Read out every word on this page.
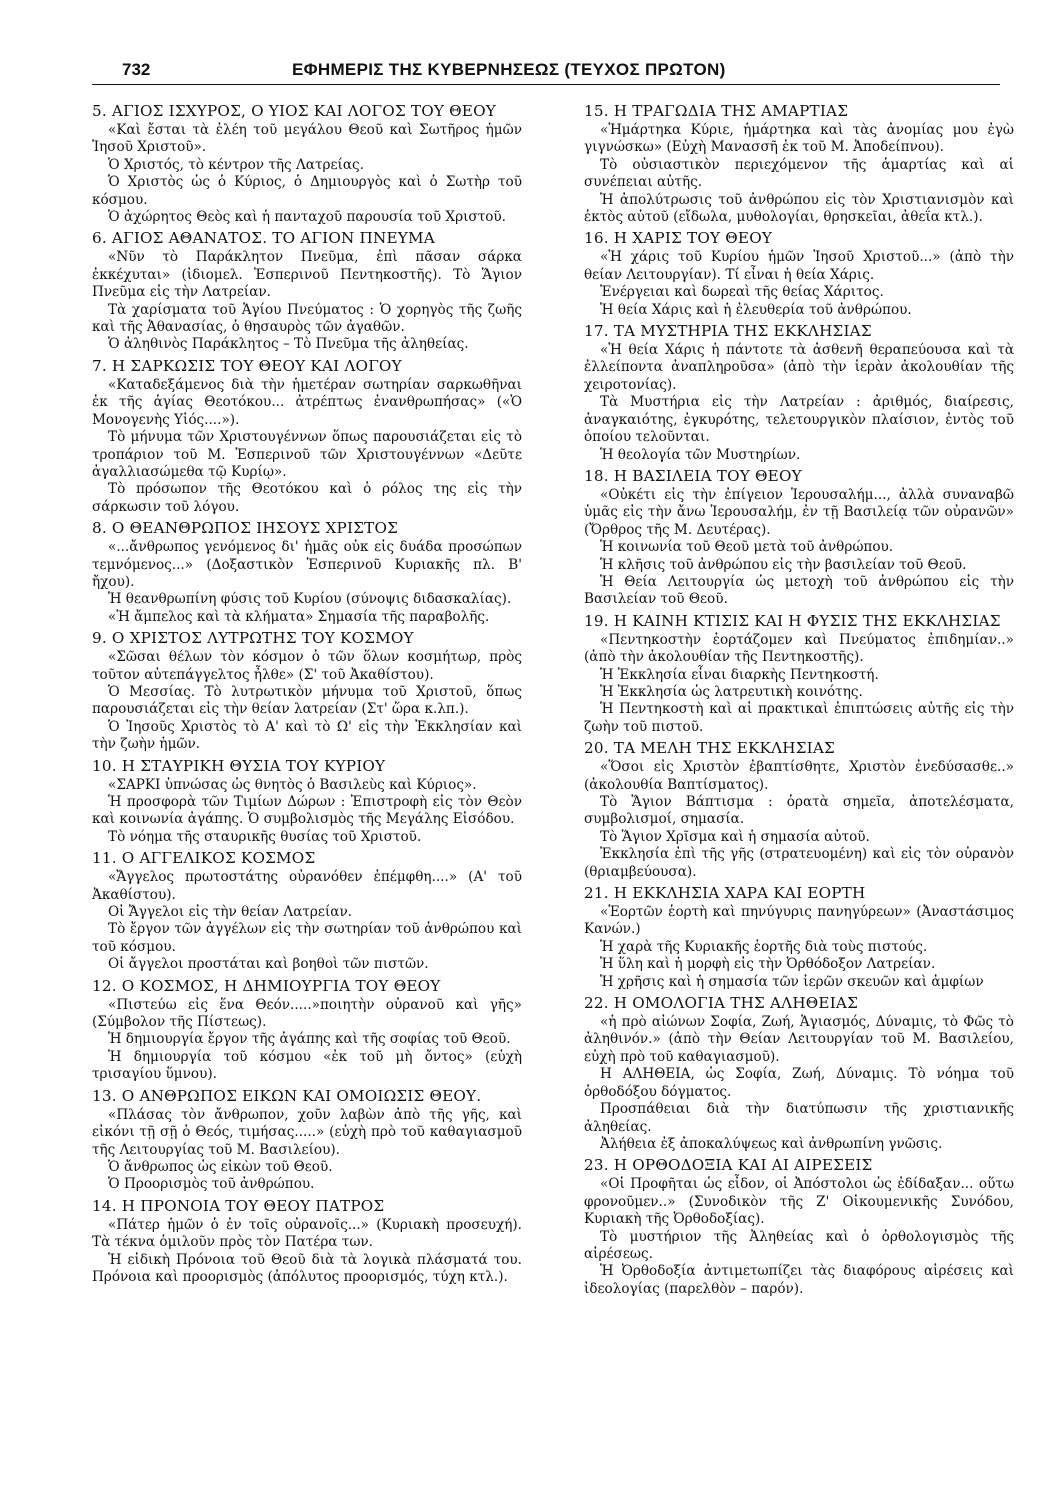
732	ΕΦΗΜΕΡΙΣ ΤΗΣ ΚΥΒΕΡΝΗΣΕΩΣ (ΤΕΥΧΟΣ ΠΡΩΤΟΝ)
5. ΑΓΙΟΣ ΙΣΧΥΡΟΣ, Ο ΥΙΟΣ ΚΑΙ ΛΟΓΟΣ ΤΟΥ ΘΕΟΥ

«Καὶ ἔσται τὰ ἐλέη τοῦ μεγάλου Θεοῦ καὶ Σωτῆρος ἡμῶν Ἰησοῦ Χριστοῦ».

Ὁ Χριστός, τὸ κέντρον τῆς Λατρείας.

Ὁ Χριστὸς ὡς ὁ Κύριος, ὁ Δημιουργὸς καὶ ὁ Σωτὴρ τοῦ κόσμου.

Ὁ ἀχώρητος Θεὸς καὶ ἡ πανταχοῦ παρουσία τοῦ Χριστοῦ.

6. ΑΓΙΟΣ ΑΘΑΝΑΤΟΣ. ΤΟ ΑΓΙΟΝ ΠΝΕΥΜΑ

«Νῦν τὸ Παράκλητον Πνεῦμα, ἐπὶ πᾶσαν σάρκα ἐκκέχυται» (ἰδιομελ. Ἑσπερινοῦ Πεντηκοστῆς). Τὸ Ἅγιον Πνεῦμα εἰς τὴν Λατρείαν.

Τὰ χαρίσματα τοῦ Ἁγίου Πνεύματος : Ὁ χορηγὸς τῆς ζωῆς καὶ τῆς Ἀθανασίας, ὁ θησαυρὸς τῶν ἀγαθῶν.

Ὁ ἀληθινὸς Παράκλητος – Τὸ Πνεῦμα τῆς ἀληθείας.

7. Η ΣΑΡΚΩΣΙΣ ΤΟΥ ΘΕΟΥ ΚΑΙ ΛΟΓΟΥ

«Καταδεξάμενος διὰ τὴν ἡμετέραν σωτηρίαν σαρκωθῆναι ἐκ τῆς ἁγίας Θεοτόκου... ἀτρέπτως ἐνανθρωπήσας» («Ὁ Μονογενὴς Υἱός....»).

Τὸ μήνυμα τῶν Χριστουγέννων ὅπως παρουσιάζεται εἰς τὸ τροπάριον τοῦ Μ. Ἑσπερινοῦ τῶν Χριστουγέννων «Δεῦτε ἀγαλλιασώμεθα τῷ Κυρίῳ».

Τὸ πρόσωπον τῆς Θεοτόκου καὶ ὁ ρόλος της εἰς τὴν σάρκωσιν τοῦ λόγου.

8. Ο ΘΕΑΝΘΡΩΠΟΣ ΙΗΣΟΥΣ ΧΡΙΣΤΟΣ

«...ἄνθρωπος γενόμενος δι' ἡμᾶς οὐκ εἰς δυάδα προσώπων τεμνόμενος...» (Δοξαστικὸν Ἑσπερινοῦ Κυριακῆς πλ. Β' ἤχου).

Ἡ θεανθρωπίνη φύσις τοῦ Κυρίου (σύνοψις διδασκαλίας).

«Ἡ ἄμπελος καὶ τὰ κλήματα» Σημασία τῆς παραβολῆς.

9. Ο ΧΡΙΣΤΟΣ ΛΥΤΡΩΤΗΣ ΤΟΥ ΚΟΣΜΟΥ

«Σῶσαι θέλων τὸν κόσμον ὁ τῶν ὅλων κοσμήτωρ, πρὸς τοῦτον αὐτεπάγγελτος ἦλθε» (Σ' τοῦ Ἀκαθίστου).

Ὁ Μεσσίας. Τὸ λυτρωτικὸν μήνυμα τοῦ Χριστοῦ, ὅπως παρουσιάζεται εἰς τὴν θείαν λατρείαν (Στ' ὥρα κ.λπ.).

Ὁ Ἰησοῦς Χριστὸς τὸ Α' καὶ τὸ Ω' εἰς τὴν Ἐκκλησίαν καὶ τὴν ζωὴν ἡμῶν.

10. Η ΣΤΑΥΡΙΚΗ ΘΥΣΙΑ ΤΟΥ ΚΥΡΙΟΥ

«ΣΑΡΚΙ ὑπνώσας ὡς θνητὸς ὁ Βασιλεὺς καὶ Κύριος».

Ἡ προσφορὰ τῶν Τιμίων Δώρων : Ἐπιστροφὴ εἰς τὸν Θεὸν καὶ κοινωνία ἀγάπης. Ὁ συμβολισμὸς τῆς Μεγάλης Εἰσόδου.

Τὸ νόημα τῆς σταυρικῆς θυσίας τοῦ Χριστοῦ.

11. Ο ΑΓΓΕΛΙΚΟΣ ΚΟΣΜΟΣ

«Ἄγγελος πρωτοστάτης οὐρανόθεν ἐπέμφθη....» (Α' τοῦ Ἀκαθίστου).

Οἱ Ἄγγελοι εἰς τὴν θείαν Λατρείαν.

Τὸ ἔργον τῶν ἀγγέλων εἰς τὴν σωτηρίαν τοῦ ἀνθρώπου καὶ τοῦ κόσμου.

Οἱ ἄγγελοι προστάται καὶ βοηθοὶ τῶν πιστῶν.

12. Ο ΚΟΣΜΟΣ, Η ΔΗΜΙΟΥΡΓΙΑ ΤΟΥ ΘΕΟΥ

«Πιστεύω εἰς ἕνα Θεόν.....»ποιητὴν οὐρανοῦ καὶ γῆς» (Σύμβολον τῆς Πίστεως).

Ἡ δημιουργία ἔργον τῆς ἀγάπης καὶ τῆς σοφίας τοῦ Θεοῦ.

Ἡ δημιουργία τοῦ κόσμου «ἐκ τοῦ μὴ ὄντος» (εὐχὴ τρισαγίου ὕμνου).

13. Ο ΑΝΘΡΩΠΟΣ ΕΙΚΩΝ ΚΑΙ ΟΜΟΙΩΣΙΣ ΘΕΟΥ.

«Πλάσας τὸν ἄνθρωπον, χοῦν λαβὼν ἀπὸ τῆς γῆς, καὶ εἰκόνι τῇ σῇ ὁ Θεός, τιμήσας.....» (εὐχὴ πρὸ τοῦ καθαγιασμοῦ τῆς Λειτουργίας τοῦ Μ. Βασιλείου).

Ὁ ἄνθρωπος ὡς εἰκὼν τοῦ Θεοῦ.

Ὁ Προορισμὸς τοῦ ἀνθρώπου.

14. Η ΠΡΟΝΟΙΑ ΤΟΥ ΘΕΟΥ ΠΑΤΡΟΣ

«Πάτερ ἡμῶν ὁ ἐν τοῖς οὐρανοῖς...» (Κυριακὴ προσευχή). Τὰ τέκνα ὁμιλοῦν πρὸς τὸν Πατέρα των.

Ἡ εἰδικὴ Πρόνοια τοῦ Θεοῦ διὰ τὰ λογικὰ πλάσματά του. Πρόνοια καὶ προορισμὸς (ἀπόλυτος προορισμός, τύχη κτλ.).

15. Η ΤΡΑΓΩΔΙΑ ΤΗΣ ΑΜΑΡΤΙΑΣ

«Ἡμάρτηκα Κύριε, ἡμάρτηκα καὶ τὰς ἀνομίας μου ἐγὼ γιγνώσκω» (Εὐχὴ Μανασσῆ ἐκ τοῦ Μ. Ἀποδείπνου).

Τὸ οὐσιαστικὸν περιεχόμενον τῆς ἁμαρτίας καὶ αἱ συνέπειαι αὐτῆς.

Ἡ ἀπολύτρωσις τοῦ ἀνθρώπου εἰς τὸν Χριστιανισμὸν καὶ ἐκτὸς αὐτοῦ (εἴδωλα, μυθολογίαι, θρησκεῖαι, ἀθεΐα κτλ.).

16. Η ΧΑΡΙΣ ΤΟΥ ΘΕΟΥ

«Ἡ χάρις τοῦ Κυρίου ἡμῶν Ἰησοῦ Χριστοῦ...» (ἀπὸ τὴν θείαν Λειτουργίαν). Τί εἶναι ἡ θεία Χάρις.

Ἐνέργειαι καὶ δωρεαὶ τῆς θείας Χάριτος.

Ἡ θεία Χάρις καὶ ἡ ἐλευθερία τοῦ ἀνθρώπου.

17. ΤΑ ΜΥΣΤΗΡΙΑ ΤΗΣ ΕΚΚΛΗΣΙΑΣ

«Ἡ θεία Χάρις ἡ πάντοτε τὰ ἀσθενῆ θεραπεύουσα καὶ τὰ ἐλλείποντα ἀναπληροῦσα» (ἀπὸ τὴν ἱερὰν ἀκολουθίαν τῆς χειροτονίας).

Τὰ Μυστήρια εἰς τὴν Λατρείαν : ἀριθμός, διαίρεσις, ἀναγκαιότης, ἐγκυρότης, τελετουργικὸν πλαίσιον, ἐντὸς τοῦ ὁποίου τελοῦνται.

Ἡ θεολογία τῶν Μυστηρίων.

18. Η ΒΑΣΙΛΕΙΑ ΤΟΥ ΘΕΟΥ

«Οὐκέτι εἰς τὴν ἐπίγειον Ἱερουσαλήμ..., ἀλλὰ συναναβῶ ὑμᾶς εἰς τὴν ἄνω Ἱερουσαλήμ, ἐν τῇ Βασιλείᾳ τῶν οὐρανῶν» (Ὄρθρος τῆς Μ. Δευτέρας).

Ἡ κοινωνία τοῦ Θεοῦ μετὰ τοῦ ἀνθρώπου.

Ἡ κλῆσις τοῦ ἀνθρώπου εἰς τὴν βασιλείαν τοῦ Θεοῦ.

Ἡ Θεία Λειτουργία ὡς μετοχὴ τοῦ ἀνθρώπου εἰς τὴν Βασιλείαν τοῦ Θεοῦ.

19. Η ΚΑΙΝΗ ΚΤΙΣΙΣ ΚΑΙ Η ΦΥΣΙΣ ΤΗΣ ΕΚΚΛΗΣΙΑΣ

«Πεντηκοστὴν ἑορτάζομεν καὶ Πνεύματος ἐπιδημίαν..» (ἀπὸ τὴν ἀκολουθίαν τῆς Πεντηκοστῆς).

Ἡ Ἐκκλησία εἶναι διαρκὴς Πεντηκοστή.

Ἡ Ἐκκλησία ὡς λατρευτικὴ κοινότης.

Ἡ Πεντηκοστὴ καὶ αἱ πρακτικαὶ ἐπιπτώσεις αὐτῆς εἰς τὴν ζωὴν τοῦ πιστοῦ.

20. ΤΑ ΜΕΛΗ ΤΗΣ ΕΚΚΛΗΣΙΑΣ

«Ὅσοι εἰς Χριστὸν ἐβαπτίσθητε, Χριστὸν ἐνεδύσασθε..» (ἀκολουθία Βαπτίσματος).

Τὸ Ἅγιον Βάπτισμα : ὁρατὰ σημεῖα, ἀποτελέσματα, συμβολισμοί, σημασία.

Τὸ Ἅγιον Χρῖσμα καὶ ἡ σημασία αὐτοῦ.

Ἐκκλησία ἐπὶ τῆς γῆς (στρατευομένη) καὶ εἰς τὸν οὐρανὸν (θριαμβεύουσα).

21. Η ΕΚΚΛΗΣΙΑ ΧΑΡΑ ΚΑΙ ΕΟΡΤΗ

«Ἑορτῶν ἑορτὴ καὶ πηνύγυρις πανηγύρεων» (Ἀναστάσιμος Κανών.)

Ἡ χαρὰ τῆς Κυριακῆς ἑορτῆς διὰ τοὺς πιστούς.

Ἡ ὕλη καὶ ἡ μορφὴ εἰς τὴν Ὀρθόδοξον Λατρείαν.

Ἡ χρῆσις καὶ ἡ σημασία τῶν ἱερῶν σκευῶν καὶ ἀμφίων

22. Η ΟΜΟΛΟΓΙΑ ΤΗΣ ΑΛΗΘΕΙΑΣ

«ἡ πρὸ αἰώνων Σοφία, Ζωή, Ἁγιασμός, Δύναμις, τὸ Φῶς τὸ ἀληθινόν.» (ἀπὸ τὴν Θείαν Λειτουργίαν τοῦ Μ. Βασιλείου, εὐχὴ πρὸ τοῦ καθαγιασμοῦ).

Η ΑΛΗΘΕΙΑ, ὡς Σοφία, Ζωή, Δύναμις. Τὸ νόημα τοῦ ὀρθοδόξου δόγματος.

Προσπάθειαι διὰ τὴν διατύπωσιν τῆς χριστιανικῆς ἀληθείας.

Ἀλήθεια ἐξ ἀποκαλύψεως καὶ ἀνθρωπίνη γνῶσις.

23. Η ΟΡΘΟΔΟΞΙΑ ΚΑΙ ΑΙ ΑΙΡΕΣΕΙΣ

«Οἱ Προφῆται ὡς εἶδον, οἱ Ἀπόστολοι ὡς ἐδίδαξαν... οὕτω φρονοῦμεν..» (Συνοδικὸν τῆς Ζ' Οἰκουμενικῆς Συνόδου, Κυριακὴ τῆς Ὀρθοδοξίας).

Τὸ μυστήριον τῆς Ἀληθείας καὶ ὁ ὀρθολογισμὸς τῆς αἱρέσεως.

Ἡ Ὀρθοδοξία ἀντιμετωπίζει τὰς διαφόρους αἱρέσεις καὶ ἰδεολογίας (παρελθὸν – παρόν).
